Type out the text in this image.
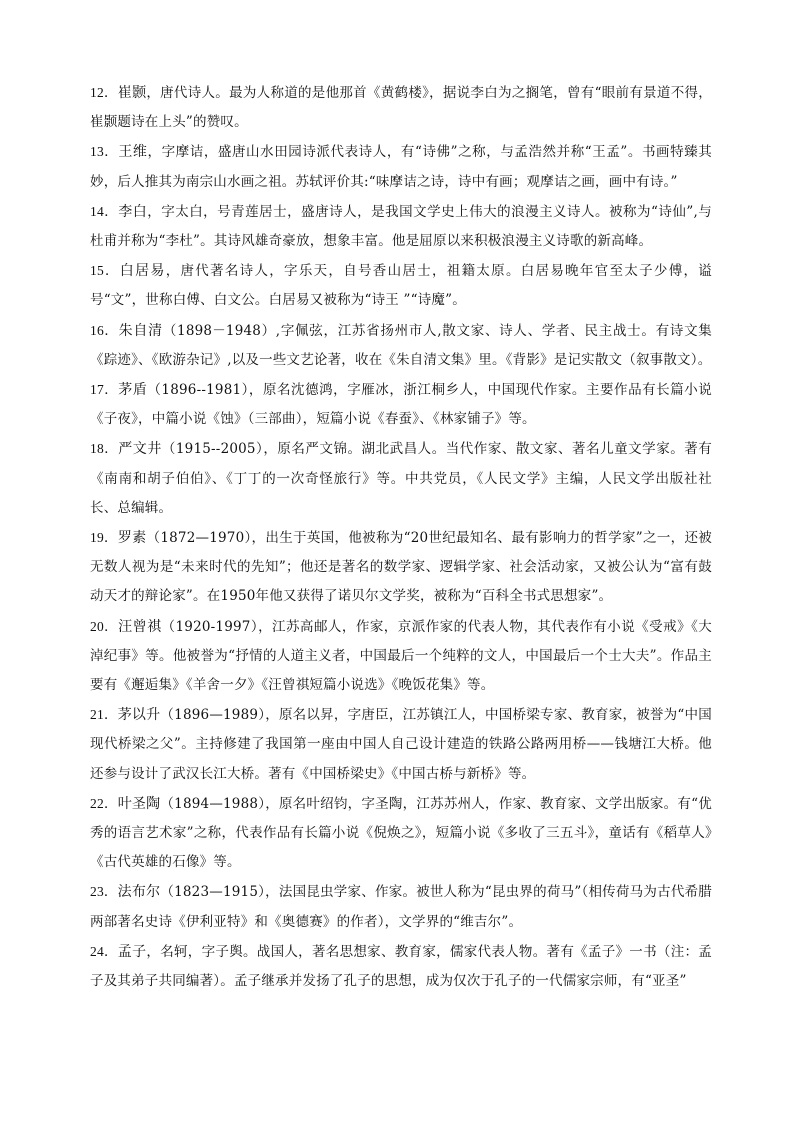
12．崔颢，唐代诗人。最为人称道的是他那首《黄鹤楼》，据说李白为之搁笔，曾有“眼前有景道不得，崔颢题诗在上头”的赞叹。

13．王维，字摩诘，盛唐山水田园诗派代表诗人，有“诗佛”之称，与孟浩然并称“王孟”。书画特臻其妙，后人推其为南宗山水画之祖。苏轼评价其:“味摩诘之诗，诗中有画；观摩诘之画，画中有诗。”

14．李白，字太白，号青莲居士，盛唐诗人，是我国文学史上伟大的浪漫主义诗人。被称为“诗仙”,与杜甫并称为“李杜”。其诗风雄奇豪放，想象丰富。他是屈原以来积极浪漫主义诗歌的新高峰。

15．白居易，唐代著名诗人，字乐天，自号香山居士，祖籍太原。白居易晚年官至太子少傅，谥号“文”，世称白傅、白文公。白居易又被称为“诗王 ”“诗魔”。

16．朱自清（1898－1948）,字佩弦，江苏省扬州市人,散文家、诗人、学者、民主战士。有诗文集《踪迹》、《欧游杂记》,以及一些文艺论著，收在《朱自清文集》里。《背影》是记实散文（叙事散文）。

17．茅盾（1896--1981），原名沈德鸿，字雁冰，浙江桐乡人，中国现代作家。主要作品有长篇小说《子夜》，中篇小说《蚀》（三部曲），短篇小说《春蚕》、《林家铺子》等。

18．严文井（1915--2005），原名严文锦。湖北武昌人。当代作家、散文家、著名儿童文学家。著有《南南和胡子伯伯》、《丁丁的一次奇怪旅行》等。中共党员，《人民文学》主编，人民文学出版社社长、总编辑。

19．罗素（1872—1970），出生于英国，他被称为“20世纪最知名、最有影响力的哲学家”之一，还被无数人视为是“未来时代的先知”；他还是著名的数学家、逻辑学家、社会活动家，又被公认为“富有鼓动天才的辩论家”。在1950年他又获得了诺贝尔文学奖，被称为“百科全书式思想家”。

20．汪曾祺（1920-1997），江苏高邮人，作家，京派作家的代表人物，其代表作有小说《受戒》《大淖纪事》等。他被誉为“抒情的人道主义者，中国最后一个纯粹的文人，中国最后一个士大夫”。作品主要有《邂逅集》《羊舍一夕》《汪曾祺短篇小说选》《晚饭花集》等。

21．茅以升（1896—1989），原名以昇，字唐臣，江苏镇江人，中国桥梁专家、教育家，被誉为“中国现代桥梁之父”。主持修建了我国第一座由中国人自己设计建造的铁路公路两用桥——钱塘江大桥。他还参与设计了武汉长江大桥。著有《中国桥梁史》《中国古桥与新桥》等。

22．叶圣陶（1894—1988），原名叶绍钧，字圣陶，江苏苏州人，作家、教育家、文学出版家。有“优秀的语言艺术家”之称，代表作品有长篇小说《倪焕之》，短篇小说《多收了三五斗》，童话有《稻草人》《古代英雄的石像》等。

23．法布尔（1823—1915），法国昆虫学家、作家。被世人称为“昆虫界的荷马”（相传荷马为古代希腊两部著名史诗《伊利亚特》和《奥德赛》的作者），文学界的“维吉尔”。

24．孟子，名轲，字子舆。战国人，著名思想家、教育家，儒家代表人物。著有《孟子》一书（注：孟子及其弟子共同编著）。孟子继承并发扬了孔子的思想，成为仅次于孔子的一代儒家宗师，有“亚圣”
